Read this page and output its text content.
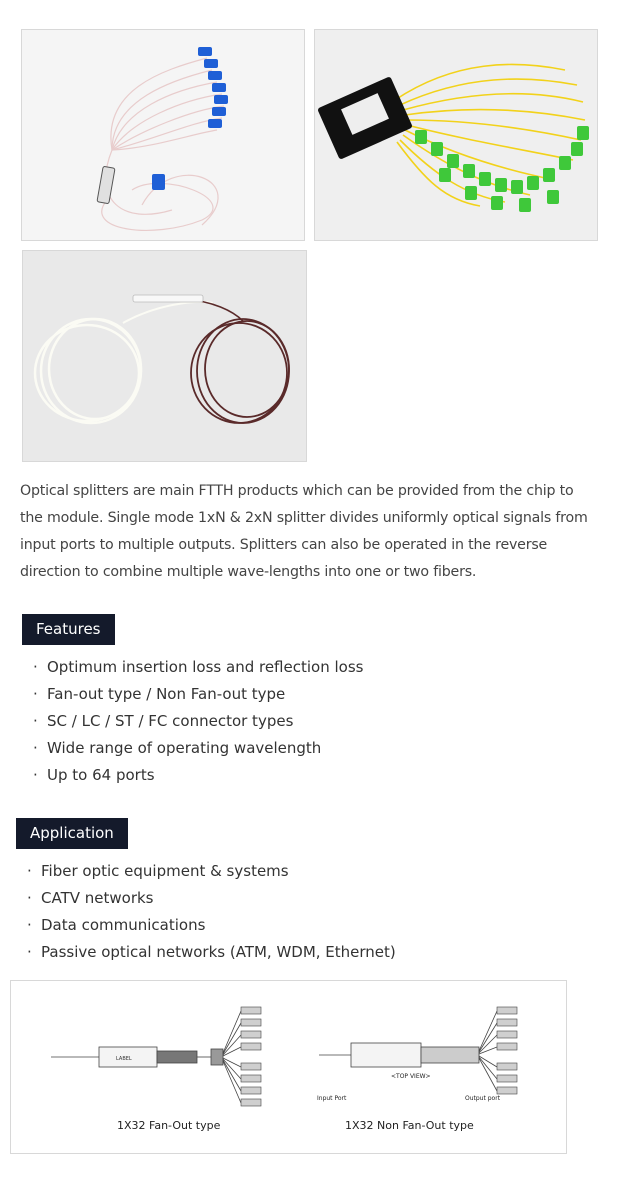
Optical splitters are main FTTH products which can be provided from the chip to the module. Single mode 1xN & 2xN splitter divides uniformly optical signals from input ports to multiple outputs. Splitters can also be operated in the reverse direction to combine multiple wave-lengths into one or two fibers.
Features
· Optimum insertion loss and reflection loss
· Fan-out type / Non Fan-out type
· SC / LC / ST / FC connector types
· Wide range of operating wavelength
· Up to 64 ports
Application
· Fiber optic equipment & systems
· CATV networks
· Data communications
· Passive optical networks (ATM, WDM, Ethernet)
LABEL
1X32 Fan-Out type	1X32 Non Fan-Out type
<TOP VIEW>
Input Port	Output port
